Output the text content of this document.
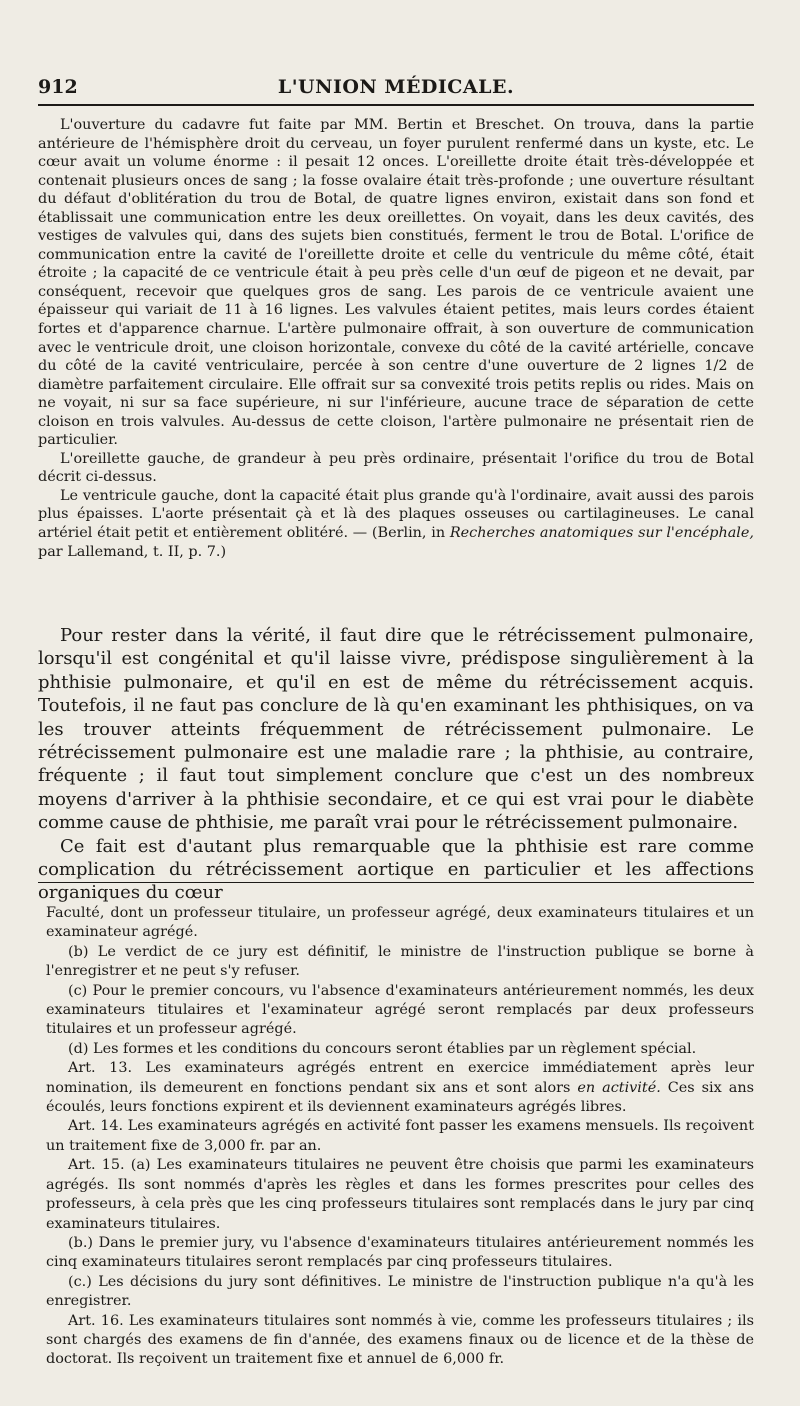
912	L'UNION MÉDICALE.

L'ouverture du cadavre fut faite par MM. Bertin et Breschet. On trouva, dans la partie antérieure de l'hémisphère droit du cerveau, un foyer purulent renfermé dans un kyste, etc. Le cœur avait un volume énorme : il pesait 12 onces. L'oreillette droite était très-développée et contenait plusieurs onces de sang ; la fosse ovalaire était très-profonde ; une ouverture résultant du défaut d'oblitération du trou de Botal, de quatre lignes environ, existait dans son fond et établissait une communication entre les deux oreillettes. On voyait, dans les deux cavités, des vestiges de valvules qui, dans des sujets bien constitués, ferment le trou de Botal. L'orifice de communication entre la cavité de l'oreillette droite et celle du ventricule du même côté, était étroite ; la capacité de ce ventricule était à peu près celle d'un œuf de pigeon et ne devait, par conséquent, recevoir que quelques gros de sang. Les parois de ce ventricule avaient une épaisseur qui variait de 11 à 16 lignes. Les valvules étaient petites, mais leurs cordes étaient fortes et d'apparence charnue. L'artère pulmonaire offrait, à son ouverture de communication avec le ventricule droit, une cloison horizontale, convexe du côté de la cavité artérielle, concave du côté de la cavité ventriculaire, percée à son centre d'une ouverture de 2 lignes 1/2 de diamètre parfaitement circulaire. Elle offrait sur sa convexité trois petits replis ou rides. Mais on ne voyait, ni sur sa face supérieure, ni sur l'inférieure, aucune trace de séparation de cette cloison en trois valvules. Au-dessus de cette cloison, l'artère pulmonaire ne présentait rien de particulier.

L'oreillette gauche, de grandeur à peu près ordinaire, présentait l'orifice du trou de Botal décrit ci-dessus.

Le ventricule gauche, dont la capacité était plus grande qu'à l'ordinaire, avait aussi des parois plus épaisses. L'aorte présentait çà et là des plaques osseuses ou cartilagineuses. Le canal artériel était petit et entièrement oblitéré. — (Berlin, in Recherches anatomiques sur l'encéphale, par Lallemand, t. II, p. 7.)

Pour rester dans la vérité, il faut dire que le rétrécissement pulmonaire, lorsqu'il est congénital et qu'il laisse vivre, prédispose singulièrement à la phthisie pulmonaire, et qu'il en est de même du rétrécissement acquis. Toutefois, il ne faut pas conclure de là qu'en examinant les phthisiques, on va les trouver atteints fréquemment de rétrécissement pulmonaire. Le rétrécissement pulmonaire est une maladie rare ; la phthisie, au contraire, fréquente ; il faut tout simplement conclure que c'est un des nombreux moyens d'arriver à la phthisie secondaire, et ce qui est vrai pour le diabète comme cause de phthisie, me paraît vrai pour le rétrécissement pulmonaire.

Ce fait est d'autant plus remarquable que la phthisie est rare comme complication du rétrécissement aortique en particulier et les affections organiques du cœur

Faculté, dont un professeur titulaire, un professeur agrégé, deux examinateurs titulaires et un examinateur agrégé.

(b) Le verdict de ce jury est définitif, le ministre de l'instruction publique se borne à l'enregistrer et ne peut s'y refuser.

(c) Pour le premier concours, vu l'absence d'examinateurs antérieurement nommés, les deux examinateurs titulaires et l'examinateur agrégé seront remplacés par deux professeurs titulaires et un professeur agrégé.

(d) Les formes et les conditions du concours seront établies par un règlement spécial.

Art. 13. Les examinateurs agrégés entrent en exercice immédiatement après leur nomination, ils demeurent en fonctions pendant six ans et sont alors en activité. Ces six ans écoulés, leurs fonctions expirent et ils deviennent examinateurs agrégés libres.

Art. 14. Les examinateurs agrégés en activité font passer les examens mensuels. Ils reçoivent un traitement fixe de 3,000 fr. par an.

Art. 15. (a) Les examinateurs titulaires ne peuvent être choisis que parmi les examinateurs agrégés. Ils sont nommés d'après les règles et dans les formes prescrites pour celles des professeurs, à cela près que les cinq professeurs titulaires sont remplacés dans le jury par cinq examinateurs titulaires.

(b.) Dans le premier jury, vu l'absence d'examinateurs titulaires antérieurement nommés les cinq examinateurs titulaires seront remplacés par cinq professeurs titulaires.

(c.) Les décisions du jury sont définitives. Le ministre de l'instruction publique n'a qu'à les enregistrer.

Art. 16. Les examinateurs titulaires sont nommés à vie, comme les professeurs titulaires ; ils sont chargés des examens de fin d'année, des examens finaux ou de licence et de la thèse de doctorat. Ils reçoivent un traitement fixe et annuel de 6,000 fr.
